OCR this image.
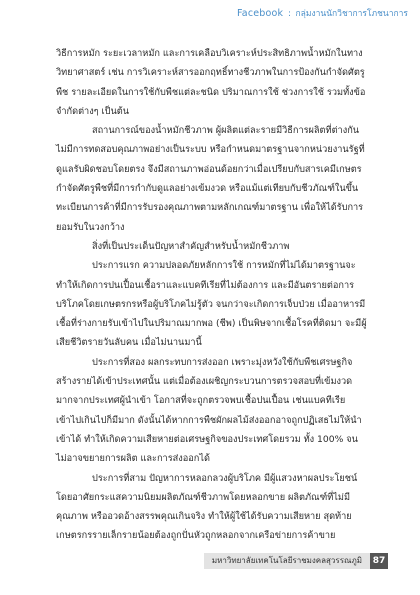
Facebook : กลุ่มงานนักวิชาการโภชนาการ

วิธีการหมัก ระยะเวลาหมัก และการเคลือบวิเคราะห์ประสิทธิภาพน้ำหมักในทางวิทยาศาสตร์ เช่น การวิเคราะห์สารออกฤทธิ์ทางชีวภาพในการป้องกันกำจัดศัตรูพืช รายละเอียดในการใช้กับพืชแต่ละชนิด ปริมาณการใช้ ช่วงการใช้ รวมทั้งข้อจำกัดต่างๆ เป็นต้น

สถานการณ์ของน้ำหมักชีวภาพ ผู้ผลิตแต่ละรายมีวิธีการผลิตที่ต่างกัน ไม่มีการทดสอบคุณภาพอย่างเป็นระบบ หรือกำหนดมาตรฐานจากหน่วยงานรัฐที่ดูแลรับผิดชอบโดยตรง จึงมีสถานภาพอ่อนด้อยกว่าเมื่อเปรียบกับสารเคมีเกษตรกำจัดศัตรูพืชที่มีการกำกับดูแลอย่างเข้มงวด หรือแม้แต่เทียบกับชีวภัณฑ์ในขึ้นทะเบียนการค้าที่มีการรับรองคุณภาพตามหลักเกณฑ์มาตรฐาน เพื่อให้ได้รับการยอมรับในวงกว้าง

สิ่งที่เป็นประเด็นปัญหาสำคัญสำหรับน้ำหมักชีวภาพ

ประการแรก ความปลอดภัยหลักการใช้ การหมักที่ไม่ได้มาตรฐานจะทำให้เกิดการปนเปื้อนเชื้อราและแบคทีเรียที่ไม่ต้องการ และมีอันตรายต่อการบริโภคโดยเกษตรกรหรือผู้บริโภคไม่รู้ตัว จนกว่าจะเกิดการเจ็บป่วย เมื่ออาหารมีเชื้อที่ร่างกายรับเข้าไปในปริมาณมากพอ (ชีพ) เป็นพิษจากเชื้อโรคที่ติดมา จะมีผู้เสียชีวิตรายวันลับคน เมื่อไม่นานมานี้

ประการที่สอง ผลกระทบการส่งออก เพราะมุ่งหวังใช้กับพืชเศรษฐกิจสร้างรายได้เข้าประเทศนั้น แต่เมื่อต้องเผชิญกระบวนการตรวจสอบที่เข้มงวดมากจากประเทศผู้นำเข้า โอกาสที่จะถูกตรวจพบเชื้อปนเปื้อน เช่นแบคทีเรีย เข้าไปเกินไปก็มีมาก ดังนั้นได้หากการพืชผักผลไม้ส่งออกอาจถูกปฏิเสธไม่ให้นำเข้าได้ ทำให้เกิดความเสียหายต่อเศรษฐกิจของประเทศโดยรวม ทั้ง 100% จนไม่อาจขยายการผลิต และการส่งออกได้

ประการที่สาม ปัญหาการหลอกลวงผู้บริโภค มีผู้แสวงหาผลประโยชน์โดยอาศัยกระแสความนิยมผลิตภัณฑ์ชีวภาพโดยหลอกขาย ผลิตภัณฑ์ที่ไม่มีคุณภาพ หรืออวดอ้างสรรพคุณเกินจริง ทำให้ผู้ใช้ได้รับความเสียหาย สุดท้ายเกษตรกรรายเล็กรายน้อยต้องถูกปั่นหัวถูกหลอกจากเครือข่ายการค้าขาย

มหาวิทยาลัยเทคโนโลยีราชมงคลสุวรรณภูมิ	87
